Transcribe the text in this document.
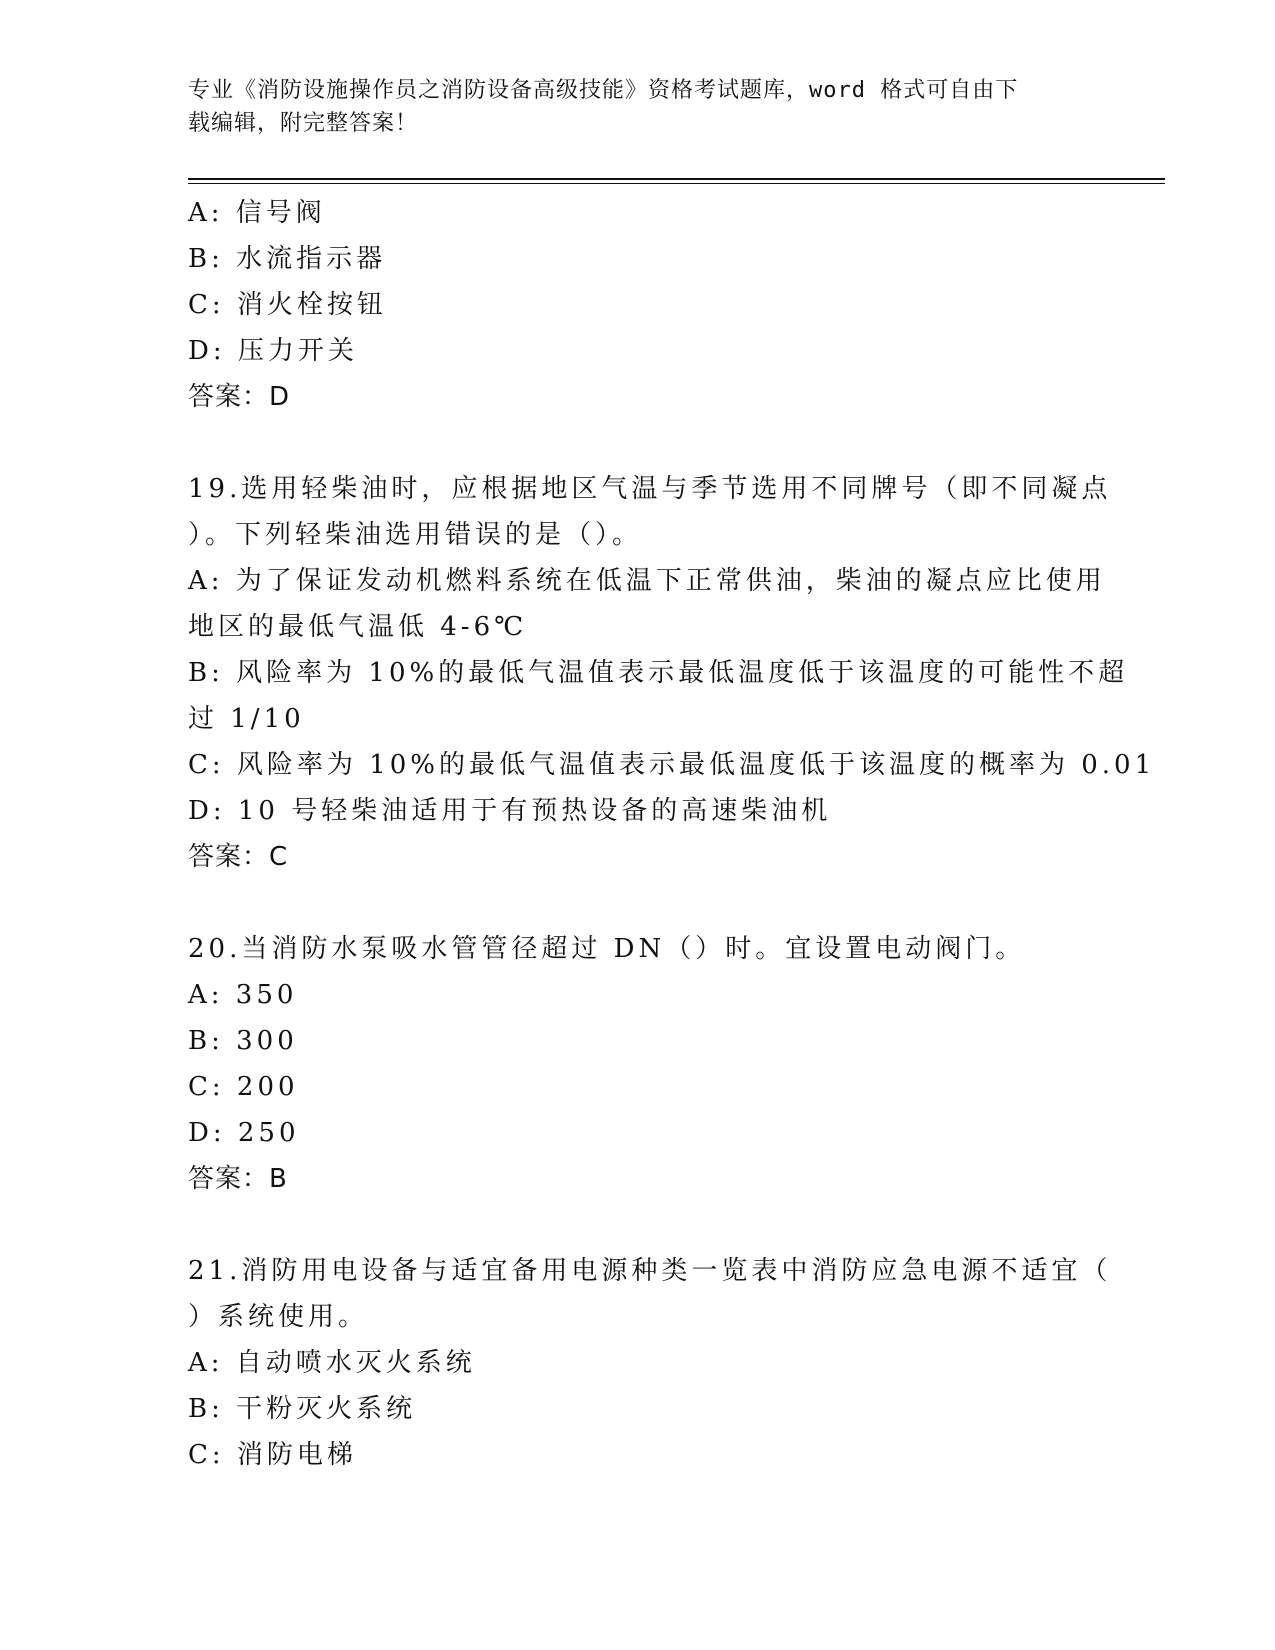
专业《消防设施操作员之消防设备高级技能》资格考试题库，word 格式可自由下
载编辑，附完整答案！
A: 信号阀
B: 水流指示器
C: 消火栓按钮
D: 压力开关
答案：D
19.选用轻柴油时，应根据地区气温与季节选用不同牌号（即不同凝点
）。下列轻柴油选用错误的是（）。
A: 为了保证发动机燃料系统在低温下正常供油，柴油的凝点应比使用
地区的最低气温低 4-6℃
B: 风险率为 10%的最低气温值表示最低温度低于该温度的可能性不超
过 1/10
C: 风险率为 10%的最低气温值表示最低温度低于该温度的概率为 0.01
D: 10 号轻柴油适用于有预热设备的高速柴油机
答案：C
20.当消防水泵吸水管管径超过 DN（）时。宜设置电动阀门。
A: 350
B: 300
C: 200
D: 250
答案：B
21.消防用电设备与适宜备用电源种类一览表中消防应急电源不适宜（
）系统使用。
A: 自动喷水灭火系统
B: 干粉灭火系统
C: 消防电梯
